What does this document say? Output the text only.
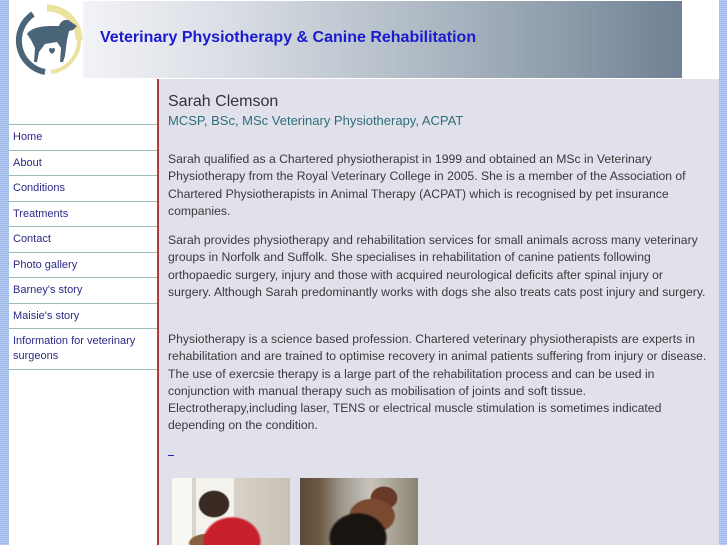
Veterinary Physiotherapy & Canine Rehabilitation
Home
About
Conditions
Treatments
Contact
Photo gallery
Barney's story
Maisie's story
Information for veterinary surgeons
Sarah Clemson
MCSP, BSc, MSc Veterinary Physiotherapy, ACPAT

Sarah qualified as a Chartered physiotherapist in 1999 and obtained an MSc in Veterinary Physiotherapy from the Royal Veterinary College in 2005. She is a member of the Association of Chartered Physiotherapists in Animal Therapy (ACPAT) which is recognised by pet insurance companies.

Sarah provides physiotherapy and rehabilitation services for small animals across many veterinary groups in Norfolk and Suffolk. She specialises in rehabilitation of canine patients following orthopaedic surgery, injury and those with acquired neurological deficits after spinal injury or surgery. Although Sarah predominantly works with dogs she also treats cats post injury and surgery.

Physiotherapy is a science based profession. Chartered veterinary physiotherapists are experts in rehabilitation and are trained to optimise recovery in animal patients suffering from injury or disease. The use of exercsie therapy is a large part of the rehabilitation process and can be used in conjunction with manual therapy such as mobilisation of joints and soft tissue. Electrotherapy,including laser, TENS or electrical muscle stimulation is sometimes indicated depending on the condition.
